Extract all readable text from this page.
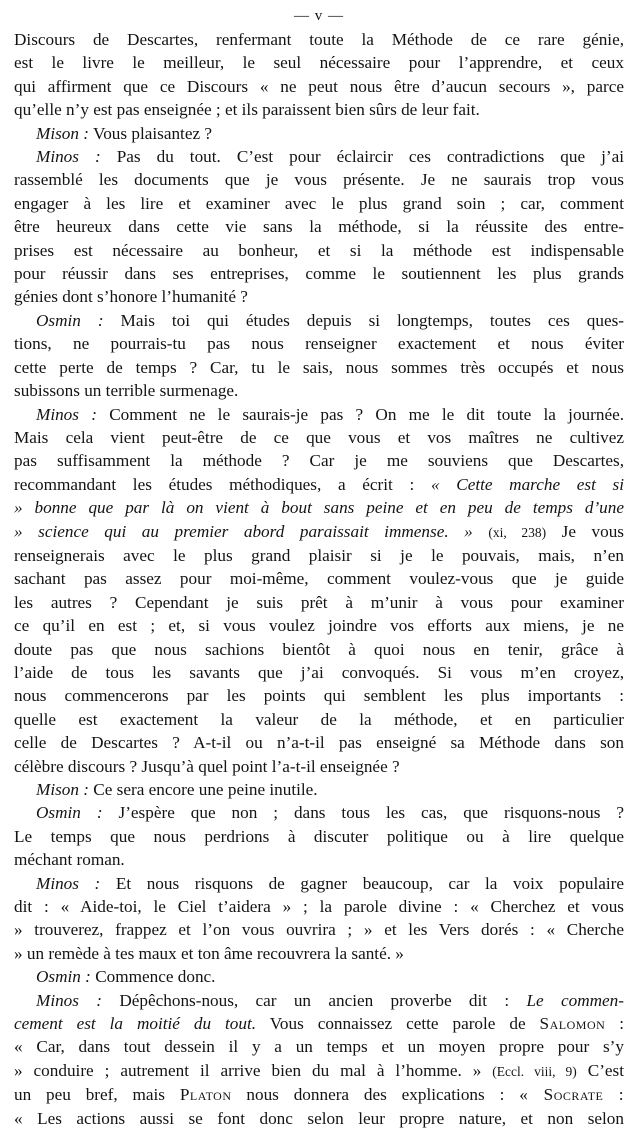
— v —
Discours de Descartes, renfermant toute la Méthode de ce rare génie,
est le livre le meilleur, le seul nécessaire pour l’apprendre, et ceux
qui affirment que ce Discours « ne peut nous être d’aucun secours », parce
qu’elle n’y est pas enseignée ; et ils paraissent bien sûrs de leur fait.
Mison : Vous plaisantez ?
Minos : Pas du tout. C’est pour éclaircir ces contradictions que j’ai
rassemblé les documents que je vous présente. Je ne saurais trop vous
engager à les lire et examiner avec le plus grand soin ; car, comment
être heureux dans cette vie sans la méthode, si la réussite des entre-
prises est nécessaire au bonheur, et si la méthode est indispensable
pour réussir dans ses entreprises, comme le soutiennent les plus grands
génies dont s’honore l’humanité ?
Osmin : Mais toi qui études depuis si longtemps, toutes ces ques-
tions, ne pourrais-tu pas nous renseigner exactement et nous éviter
cette perte de temps ? Car, tu le sais, nous sommes très occupés et nous
subissons un terrible surmenage.
Minos : Comment ne le saurais-je pas ? On me le dit toute la journée.
Mais cela vient peut-être de ce que vous et vos maîtres ne cultivez
pas suffisamment la méthode ? Car je me souviens que Descartes,
recommandant les études méthodiques, a écrit : « Cette marche est si
» bonne que par là on vient à bout sans peine et en peu de temps d’une
» science qui au premier abord paraissait immense. » (xi, 238) Je vous
renseignerais avec le plus grand plaisir si je le pouvais, mais, n’en
sachant pas assez pour moi-même, comment voulez-vous que je guide
les autres ? Cependant je suis prêt à m’unir à vous pour examiner
ce qu’il en est ; et, si vous voulez joindre vos efforts aux miens, je ne
doute pas que nous sachions bientôt à quoi nous en tenir, grâce à
l’aide de tous les savants que j’ai convoqués. Si vous m’en croyez,
nous commencerons par les points qui semblent les plus importants :
quelle est exactement la valeur de la méthode, et en particulier
celle de Descartes ? A-t-il ou n’a-t-il pas enseigné sa Méthode dans son
célèbre discours ? Jusqu’à quel point l’a-t-il enseignée ?
Mison : Ce sera encore une peine inutile.
Osmin : J’espère que non ; dans tous les cas, que risquons-nous ?
Le temps que nous perdrions à discuter politique ou à lire quelque
méchant roman.
Minos : Et nous risquons de gagner beaucoup, car la voix populaire
dit : « Aide-toi, le Ciel t’aidera » ; la parole divine : « Cherchez et vous
» trouverez, frappez et l’on vous ouvrira ; » et les Vers dorés : « Cherche
» un remède à tes maux et ton âme recouvrera la santé. »
Osmin : Commence donc.
Minos : Dépêchons-nous, car un ancien proverbe dit : Le commen-
cement est la moitié du tout. Vous connaissez cette parole de Salomon :
« Car, dans tout dessein il y a un temps et un moyen propre pour s’y
» conduire ; autrement il arrive bien du mal à l’homme. » (Eccl. viii, 9) C’est
un peu bref, mais Platon nous donnera des explications : « Socrate :
« Les actions aussi se font donc selon leur propre nature, et non selon
